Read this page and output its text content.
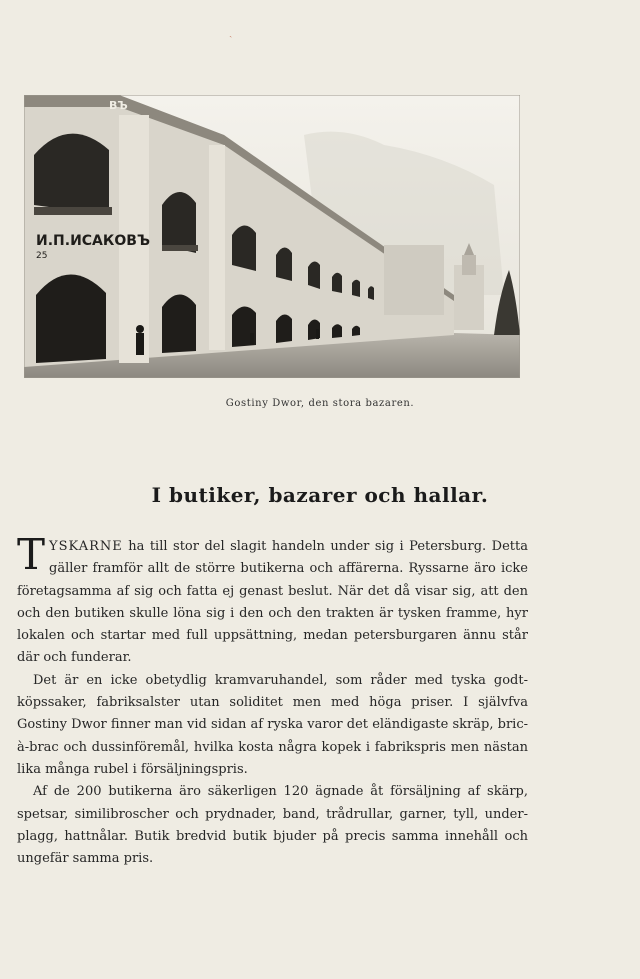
ˎ
И.П.ИСАКОВЪ
25
ВЪ
Gostiny Dwor, den stora bazaren.
I butiker, bazarer och hallar.

TYSKARNE ha till stor del slagit handeln under sig i Petersburg. Detta gäller framför allt de större butikerna och affärerna. Ryssarne äro icke företagsamma af sig och fatta ej genast beslut. När det då visar sig, att den och den butiken skulle löna sig i den och den trakten är tysken framme, hyr lokalen och startar med full uppsättning, medan petersburgaren ännu står där och funderar.

Det är en icke obetydlig kramvaruhandel, som råder med tyska godt-köpssaker, fabriksalster utan soliditet men med höga priser. I självfva Gostiny Dwor finner man vid sidan af ryska varor det eländigaste skräp, bric-à-brac och dussinföremål, hvilka kosta några kopek i fabrikspris men nästan lika många rubel i försäljningspris.

Af de 200 butikerna äro säkerligen 120 ägnade åt försäljning af skärp, spetsar, similibroscher och prydnader, band, trådrullar, garner, tyll, under-plagg, hattnålar. Butik bredvid butik bjuder på precis samma innehåll och ungefär samma pris.
